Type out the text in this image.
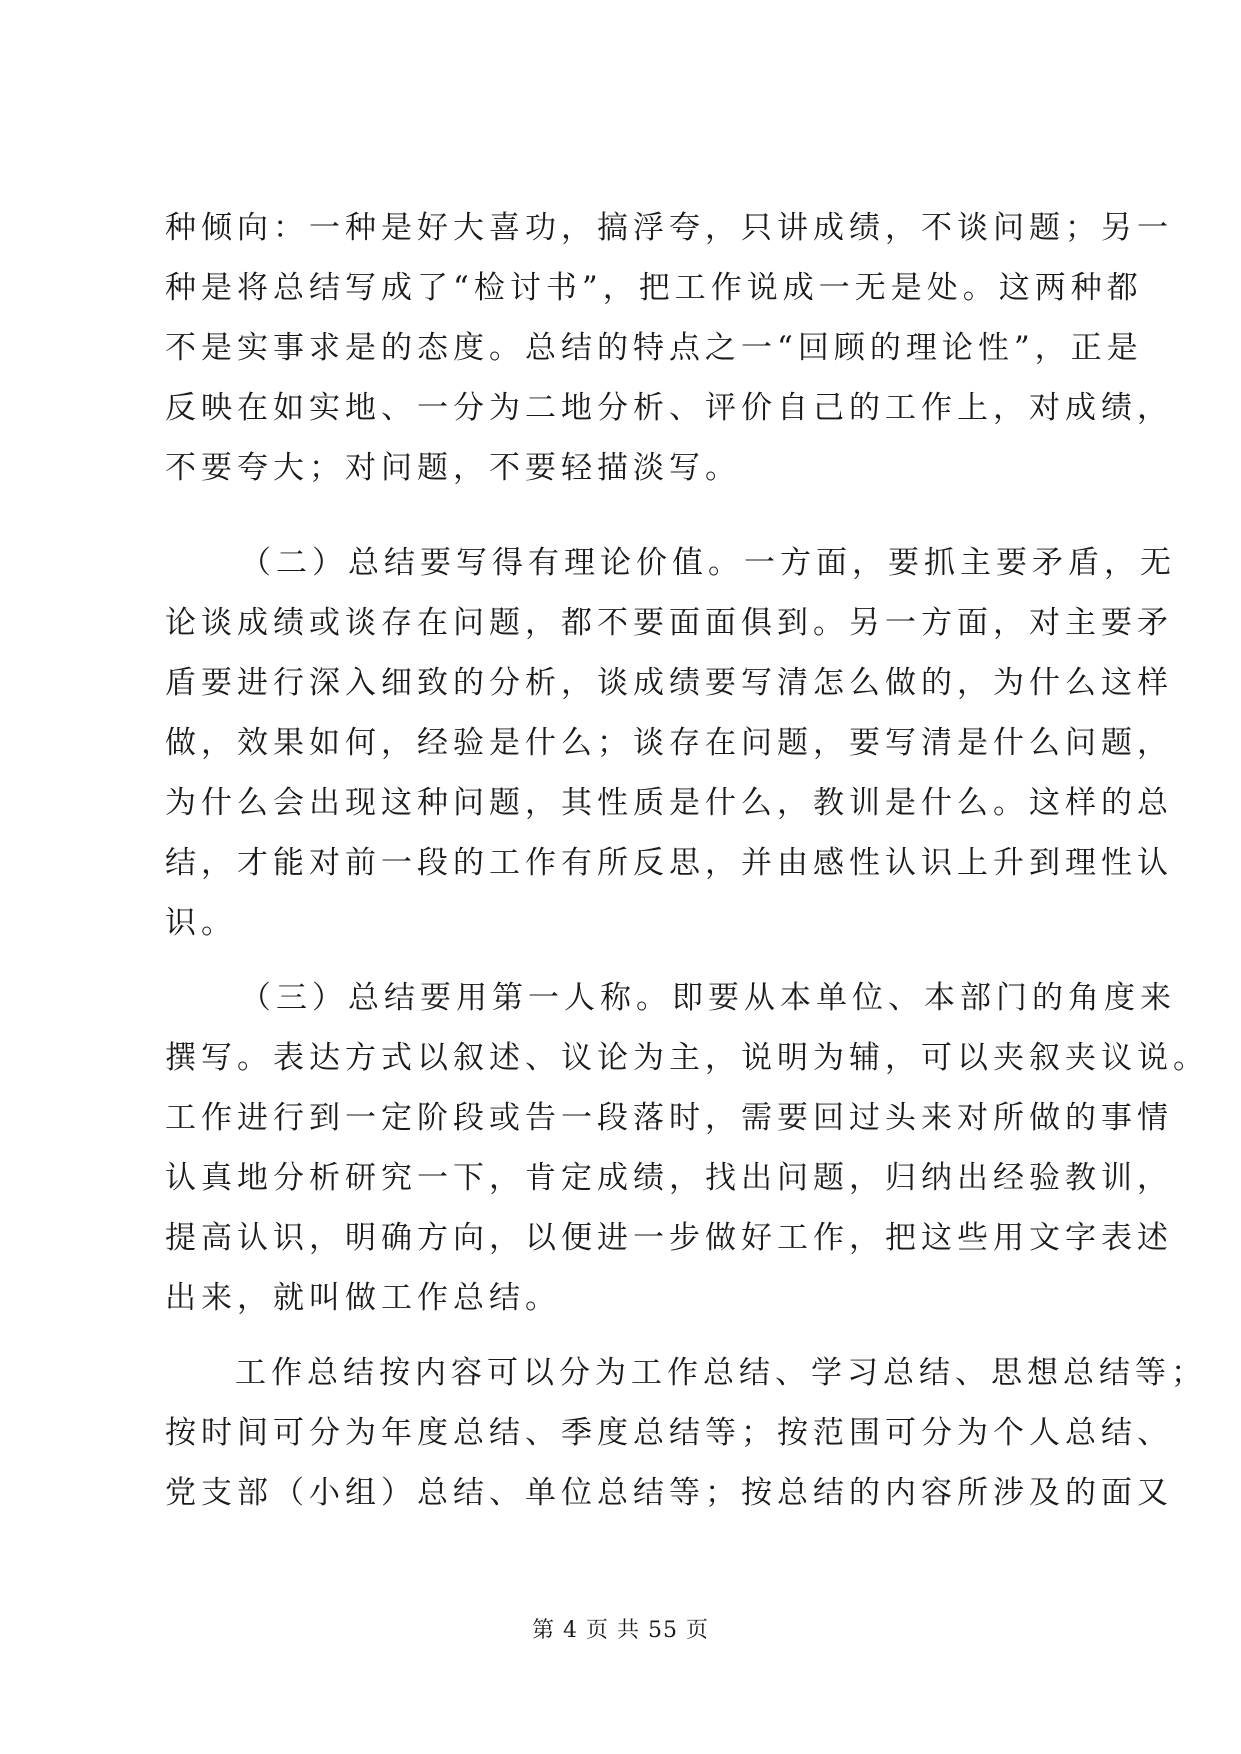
种倾向：一种是好大喜功，搞浮夸，只讲成绩，不谈问题；另一
种是将总结写成了“检讨书”，把工作说成一无是处。这两种都
不是实事求是的态度。总结的特点之一“回顾的理论性”，正是
反映在如实地、一分为二地分析、评价自己的工作上，对成绩，
不要夸大；对问题，不要轻描淡写。
（二）总结要写得有理论价值。一方面，要抓主要矛盾，无
论谈成绩或谈存在问题，都不要面面俱到。另一方面，对主要矛
盾要进行深入细致的分析，谈成绩要写清怎么做的，为什么这样
做，效果如何，经验是什么；谈存在问题，要写清是什么问题，
为什么会出现这种问题，其性质是什么，教训是什么。这样的总
结，才能对前一段的工作有所反思，并由感性认识上升到理性认
识。
（三）总结要用第一人称。即要从本单位、本部门的角度来
撰写。表达方式以叙述、议论为主，说明为辅，可以夹叙夹议说。
工作进行到一定阶段或告一段落时，需要回过头来对所做的事情
认真地分析研究一下，肯定成绩，找出问题，归纳出经验教训，
提高认识，明确方向，以便进一步做好工作，把这些用文字表述
出来，就叫做工作总结。
工作总结按内容可以分为工作总结、学习总结、思想总结等；
按时间可分为年度总结、季度总结等；按范围可分为个人总结、
党支部（小组）总结、单位总结等；按总结的内容所涉及的面又
第 4 页 共 55 页
